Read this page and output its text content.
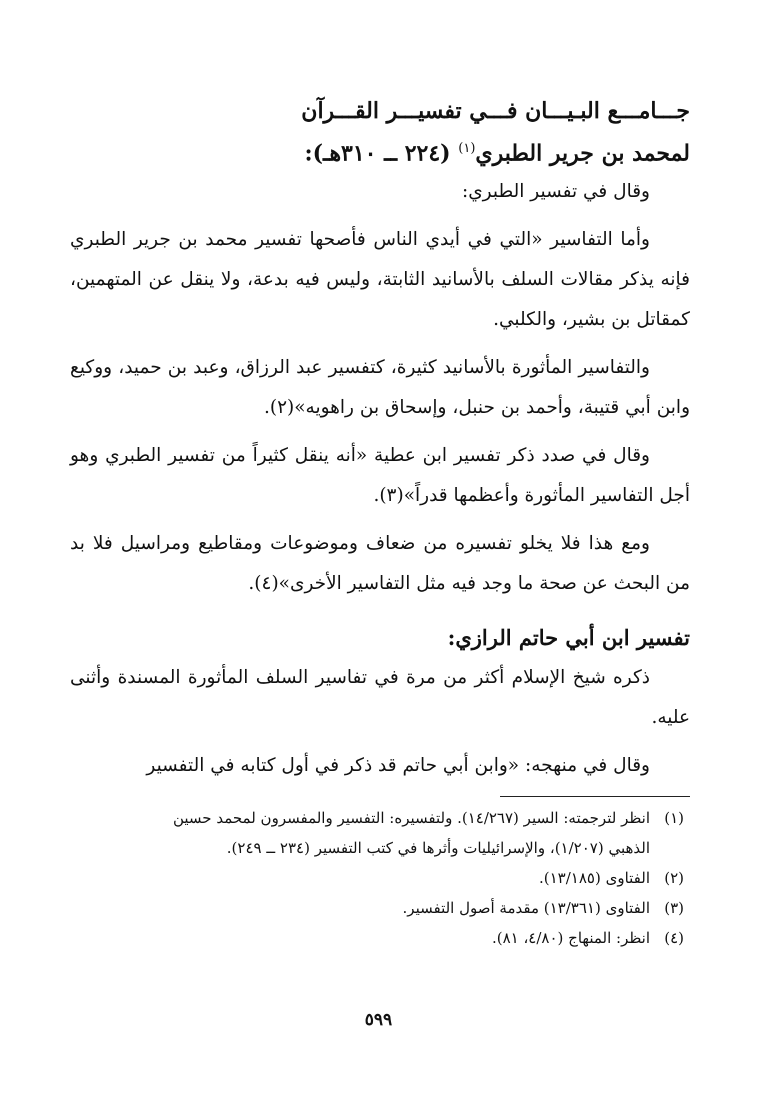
جـــامـــع البـيـــان فـــي تفسيـــر القـــرآن

لمحمد بن جرير الطبري$^{(١)}$ (٢٢٤ ــ ٣١٠هـ):

وقال في تفسير الطبري:

وأما التفاسير «التي في أيدي الناس فأصحها تفسير محمد بن جرير الطبري فإنه يذكر مقالات السلف بالأسانيد الثابتة، وليس فيه بدعة، ولا ينقل عن المتهمين، كمقاتل بن بشير، والكلبي.

والتفاسير المأثورة بالأسانيد كثيرة، كتفسير عبد الرزاق، وعبد بن حميد، ووكيع وابن أبي قتيبة، وأحمد بن حنبل، وإسحاق بن راهويه»(٢).

وقال في صدد ذكر تفسير ابن عطية «أنه ينقل كثيراً من تفسير الطبري وهو أجل التفاسير المأثورة وأعظمها قدراً»(٣).

ومع هذا فلا يخلو تفسيره من ضعاف وموضوعات ومقاطيع ومراسيل فلا بد من البحث عن صحة ما وجد فيه مثل التفاسير الأخرى»(٤).

تفسير ابن أبي حاتم الرازي:

ذكره شيخ الإسلام أكثر من مرة في تفاسير السلف المأثورة المسندة وأثنى عليه.

وقال في منهجه: «وابن أبي حاتم قد ذكر في أول كتابه في التفسير

(١)انظر لترجمته: السير (١٤/٢٦٧). ولتفسيره: التفسير والمفسرون لمحمد حسين

الذهبي (١/٢٠٧)، والإسرائيليات وأثرها في كتب التفسير (٢٣٤ ــ ٢٤٩).

(٢)الفتاوى (١٣/١٨٥).

(٣)الفتاوى (١٣/٣٦١) مقدمة أصول التفسير.

(٤)انظر: المنهاج (٤/٨٠، ٨١).

٥٩٩
